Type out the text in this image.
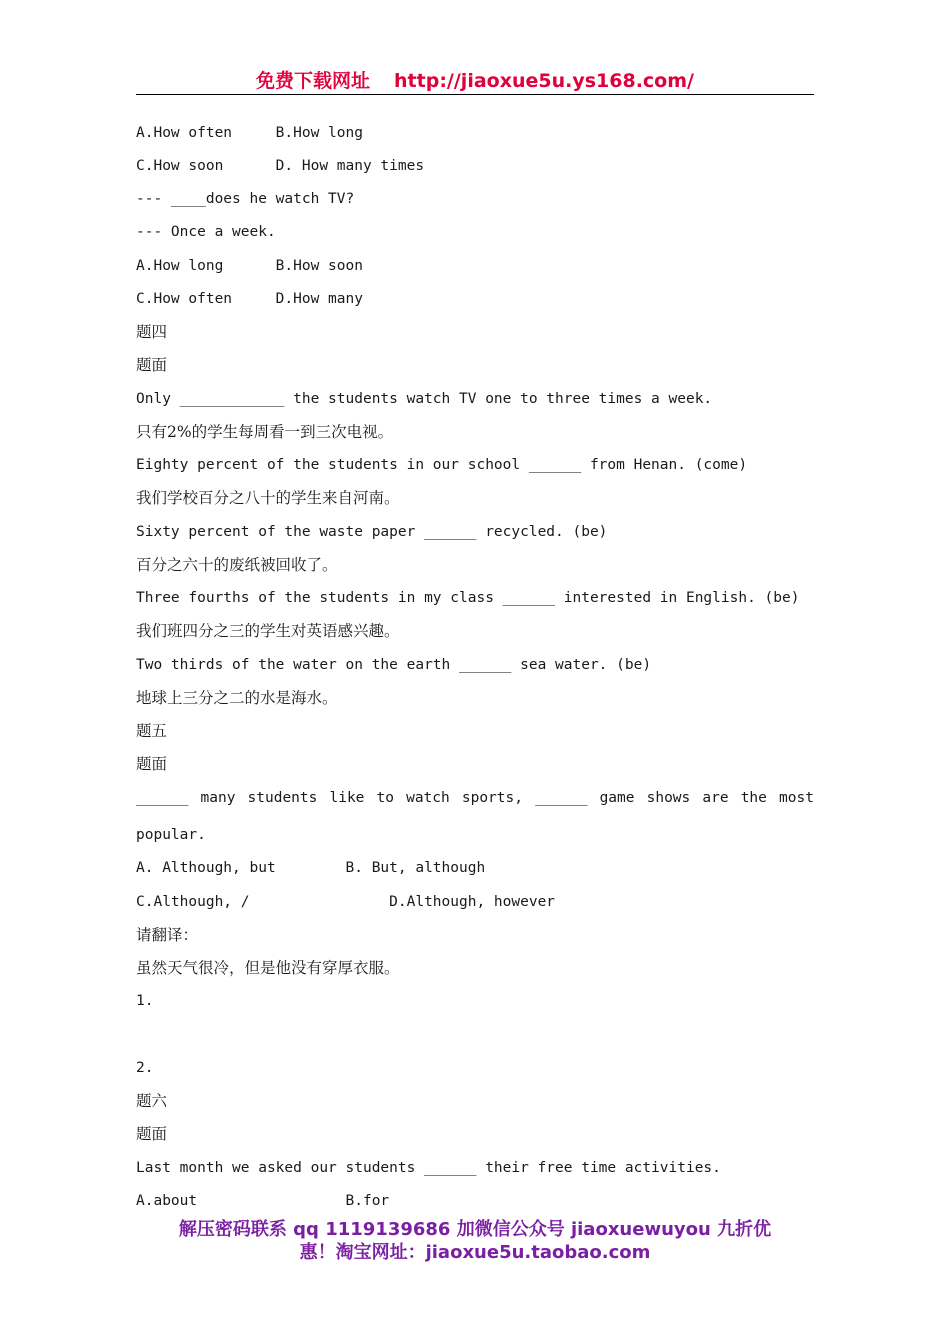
免费下载网址 http://jiaoxue5u.ys168.com/
A.How often     B.How long
C.How soon      D. How many times
--- ____does he watch TV?
--- Once a week.
A.How long      B.How soon
C.How often     D.How many
题四
题面
Only ____________ the students watch TV one to three times a week.
只有2%的学生每周看一到三次电视。
Eighty percent of the students in our school ______ from Henan. (come)
我们学校百分之八十的学生来自河南。
Sixty percent of the waste paper ______ recycled. (be)
百分之六十的废纸被回收了。
Three fourths of the students in my class ______ interested in English. (be)
我们班四分之三的学生对英语感兴趣。
Two thirds of the water on the earth ______ sea water. (be)
地球上三分之二的水是海水。
题五
题面
______ many students like to watch sports, ______ game shows are the most
popular.
A. Although, but        B. But, although
C.Although, /                D.Although, however
请翻译：
虽然天气很冷，但是他没有穿厚衣服。
1.
2.
题六
题面
Last month we asked our students ______ their free time activities.
A.about                 B.for
解压密码联系 qq 1119139686 加微信公众号 jiaoxuewuyou 九折优
惠！淘宝网址：jiaoxue5u.taobao.com
